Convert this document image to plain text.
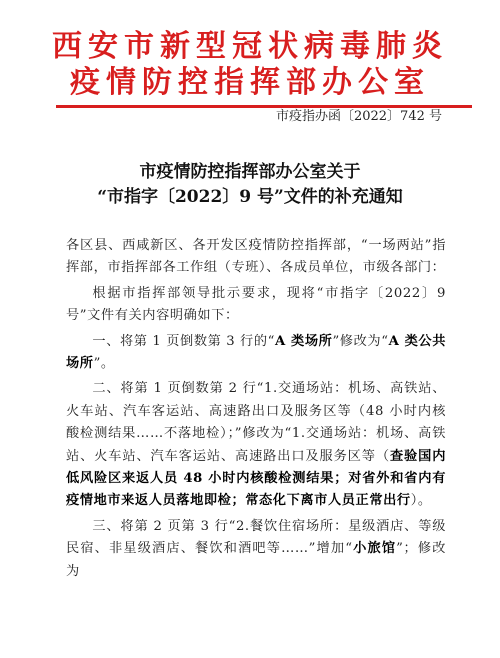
西安市新型冠状病毒肺炎
疫情防控指挥部办公室
市疫指办函〔2022〕742 号
市疫情防控指挥部办公室关于
“市指字〔2022〕9 号”文件的补充通知

各区县、西咸新区、各开发区疫情防控指挥部，“一场两站”指挥部，市指挥部各工作组（专班）、各成员单位，市级各部门：

根据市指挥部领导批示要求，现将“市指字〔2022〕9 号”文件有关内容明确如下：

一、将第 1 页倒数第 3 行的“A 类场所”修改为“A 类公共场所”。

二、将第 1 页倒数第 2 行“1.交通场站：机场、高铁站、火车站、汽车客运站、高速路出口及服务区等（48 小时内核酸检测结果……不落地检）；”修改为“1.交通场站：机场、高铁站、火车站、汽车客运站、高速路出口及服务区等（查验国内低风险区来返人员 48 小时内核酸检测结果；对省外和省内有疫情地市来返人员落地即检；常态化下离市人员正常出行）。

三、将第 2 页第 3 行“2.餐饮住宿场所：星级酒店、等级民宿、非星级酒店、餐饮和酒吧等……”增加“小旅馆”；修改为
